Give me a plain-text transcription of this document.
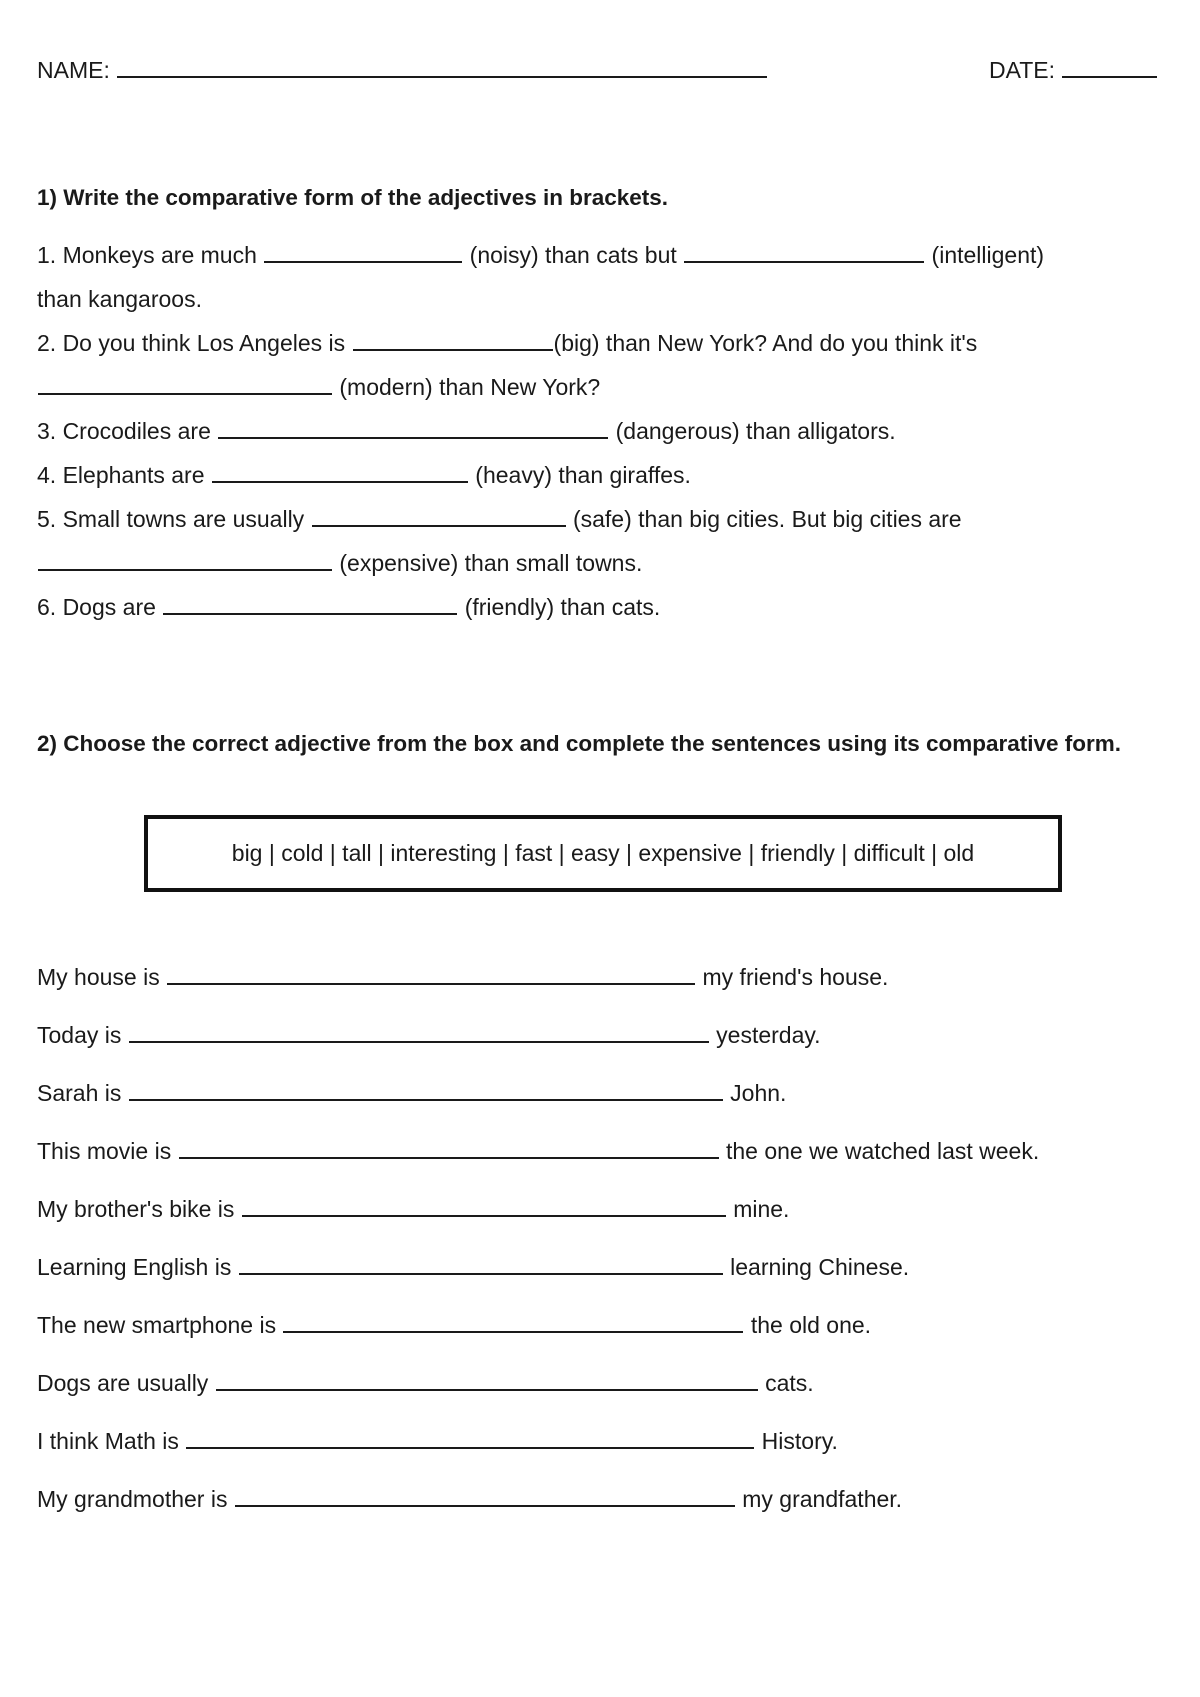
NAME:	DATE:
1) Write the comparative form of the adjectives in brackets.
1. Monkeys are much	(noisy) than cats but	(intelligent)
than kangaroos.
2. Do you think Los Angeles is	(big) than New York? And do you think it's
(modern) than New York?
3. Crocodiles are	(dangerous) than alligators.
4. Elephants are	(heavy) than giraffes.
5. Small towns are usually	(safe) than big cities. But big cities are
(expensive) than small towns.
6. Dogs are	(friendly) than cats.
2) Choose the correct adjective from the box and complete the sentences using its comparative form.
big | cold | tall | interesting | fast | easy | expensive | friendly | difficult | old
My house is	my friend's house.
Today is	yesterday.
Sarah is	John.
This movie is	the one we watched last week.
My brother's bike is	mine.
Learning English is	learning Chinese.
The new smartphone is	the old one.
Dogs are usually	cats.
I think Math is	History.
My grandmother is	my grandfather.
